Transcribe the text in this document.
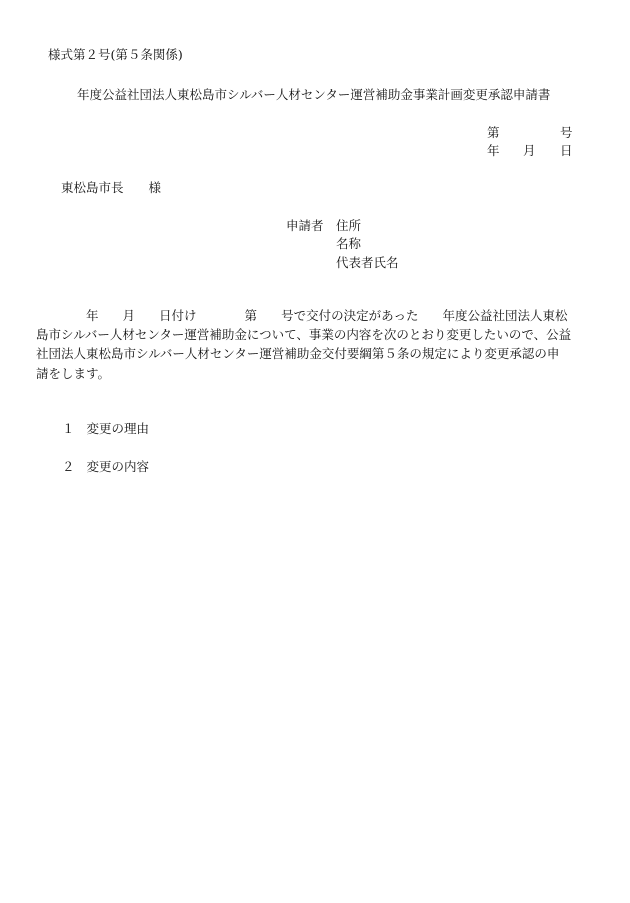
様式第２号(第５条関係)
年度公益社団法人東松島市シルバー人材センター運営補助金事業計画変更承認申請書
第	号
年 月 日
東松島市長　　様
申請者 住所
名称
代表者氏名
年 月 日付け	第 号で交付の決定があった 年度公益社団法人東松
島市シルバー人材センター運営補助金について、事業の内容を次のとおり変更したいので、公益
社団法人東松島市シルバー人材センター運営補助金交付要綱第５条の規定により変更承認の申
請をします。
１ 変更の理由
２ 変更の内容
